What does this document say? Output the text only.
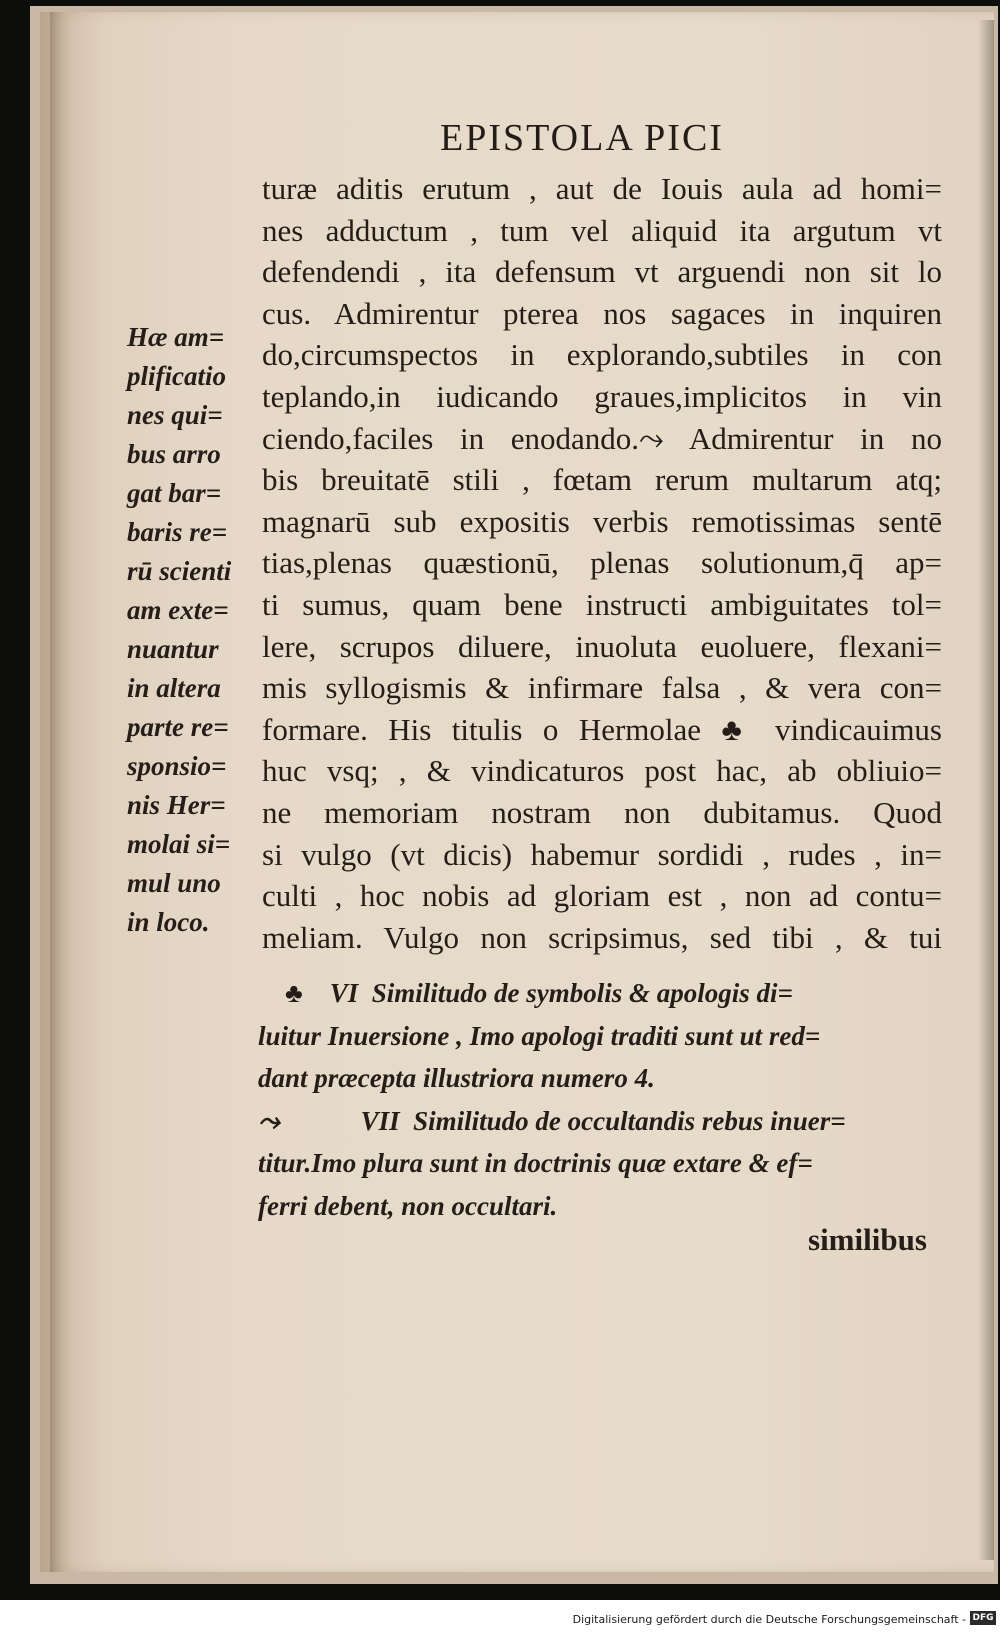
EPISTOLA PICI
turæ aditis erutum , aut de Iouis aula ad homi=
nes adductum , tum vel aliquid ita argutum vt
defendendi , ita defensum vt arguendi non sit lo
cus. Admirentur pterea nos sagaces in inquiren
do,circumspectos in explorando,subtiles in con
teplando,in iudicando graues,implicitos in vin
ciendo,faciles in enodando.⤳ Admirentur in no
bis breuitatē stili , fœtam rerum multarum atq;
magnarū sub expositis verbis remotissimas sentē
tias,plenas quæstionū, plenas solutionum,q̄ ap=
ti sumus, quam bene instructi ambiguitates tol=
lere, scrupos diluere, inuoluta euoluere, flexani=
mis syllogismis & infirmare falsa , & vera con=
formare. His titulis o Hermolae ♣ vindicauimus
huc vsq; , & vindicaturos post hac, ab obliuio=
ne memoriam nostram non dubitamus. Quod
si vulgo (vt dicis) habemur sordidi , rudes , in=
culti , hoc nobis ad gloriam est , non ad contu=
meliam. Vulgo non scripsimus, sed tibi , & tui
Hæ am=
plificatio
nes qui=
bus arro
gat bar=
baris re=
rū scienti
am exte=
nuantur
in altera
parte re=
sponsio=
nis Her=
molai si=
mul uno
in loco.
♣    VI  Similitudo de symbolis & apologis di=
luitur Inuersione , Imo apologi traditi sunt ut red=
dant præcepta illustriora numero 4.
⤳            VII  Similitudo de occultandis rebus inuer=
titur.Imo plura sunt in doctrinis quæ extare & ef=
ferri debent, non occultari.
similibus
Digitalisierung gefördert durch die Deutsche Forschungsgemeinschaft - DFG
